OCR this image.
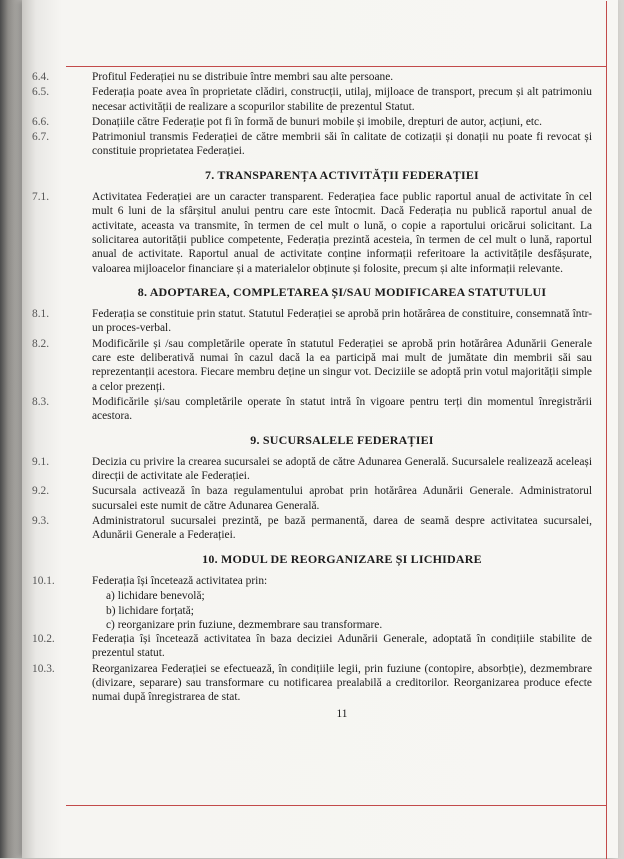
6.4.	Profitul Federației nu se distribuie între membri sau alte persoane.
6.5.	Federația poate avea în proprietate clădiri, construcții, utilaj, mijloace de transport, precum și alt patrimoniu necesar activității de realizare a scopurilor stabilite de prezentul Statut.
6.6.	Donațiile către Federație pot fi în formă de bunuri mobile și imobile, drepturi de autor, acțiuni, etc.
6.7.	Patrimoniul transmis Federației de către membrii săi în calitate de cotizații și donații nu poate fi revocat și constituie proprietatea Federației.
7. TRANSPARENȚA ACTIVITĂȚII FEDERAȚIEI
7.1.	Activitatea Federației are un caracter transparent. Federațiea face public raportul anual de activitate în cel mult 6 luni de la sfârșitul anului pentru care este întocmit. Dacă Federația nu publică raportul anual de activitate, aceasta va transmite, în termen de cel mult o lună, o copie a raportului oricărui solicitant. La solicitarea autorității publice competente, Federația prezintă acesteia, în termen de cel mult o lună, raportul anual de activitate. Raportul anual de activitate conține informații referitoare la activitățile desfășurate, valoarea mijloacelor financiare și a materialelor obținute și folosite, precum și alte informații relevante.
8. ADOPTAREA, COMPLETAREA ȘI/SAU MODIFICAREA STATUTULUI
8.1.	Federația se constituie prin statut. Statutul Federației se aprobă prin hotărârea de constituire, consemnată într-un proces-verbal.
8.2.	Modificările și /sau completările operate în statutul Federației se aprobă prin hotărârea Adunării Generale care este deliberativă numai în cazul dacă la ea participă mai mult de jumătate din membrii săi sau reprezentanții acestora. Fiecare membru deține un singur vot. Deciziile se adoptă prin votul majorității simple a celor prezenți.
8.3.	Modificările și/sau completările operate în statut intră în vigoare pentru terți din momentul înregistrării acestora.
9. SUCURSALELE FEDERAȚIEI
9.1.	Decizia cu privire la crearea sucursalei se adoptă de către Adunarea Generală. Sucursalele realizează aceleași direcții de activitate ale Federației.
9.2.	Sucursala activează în baza regulamentului aprobat prin hotărârea Adunării Generale. Administratorul sucursalei este numit de către Adunarea Generală.
9.3.	Administratorul sucursalei prezintă, pe bază permanentă, darea de seamă despre activitatea sucursalei, Adunării Generale a Federației.
10. MODUL DE REORGANIZARE ȘI LICHIDARE
10.1.	Federația își încetează activitatea prin:
a) lichidare benevolă;
b) lichidare forțată;
c) reorganizare prin fuziune, dezmembrare sau transformare.
10.2.	Federația își încetează activitatea în baza deciziei Adunării Generale, adoptată în condițiile stabilite de prezentul statut.
10.3.	Reorganizarea Federației se efectuează, în condițiile legii, prin fuziune (contopire, absorbție), dezmembrare (divizare, separare) sau transformare cu notificarea prealabilă a creditorilor. Reorganizarea produce efecte numai după înregistrarea de stat.
11
